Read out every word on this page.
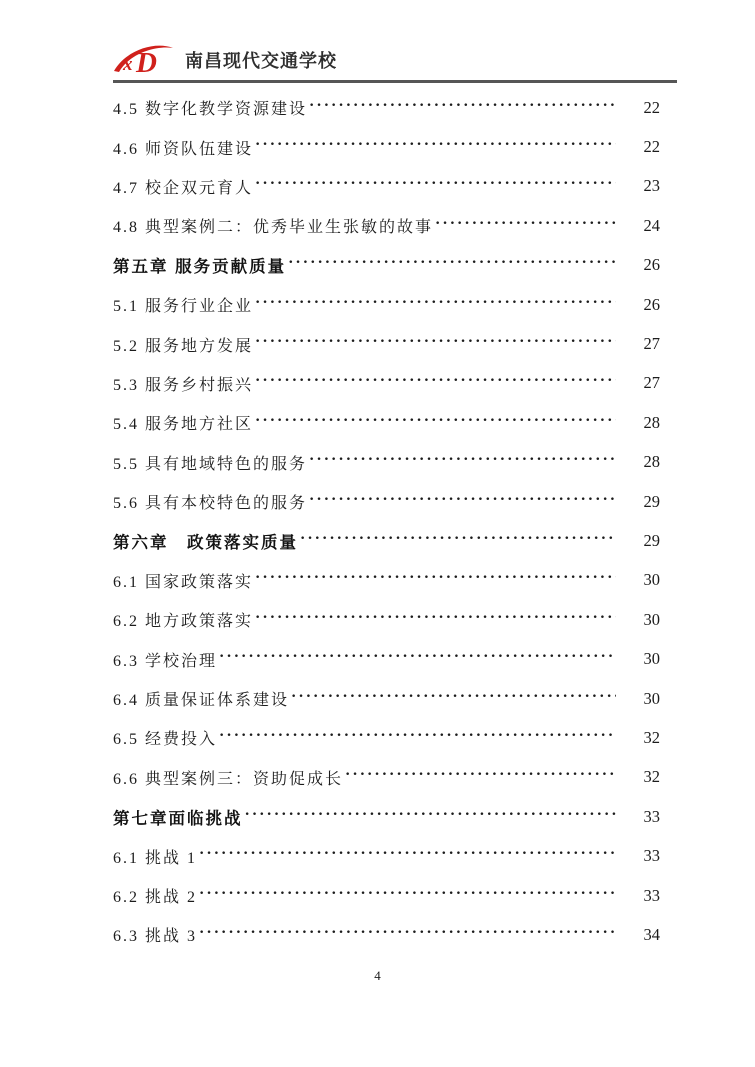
x D 南昌现代交通学校
4.5 数字化教学资源建设 ·····	22
4.6 师资队伍建设 ·····	22
4.7 校企双元育人 ·····	23
4.8 典型案例二：优秀毕业生张敏的故事 ·····	24
第五章 服务贡献质量 ·····	26
5.1 服务行业企业 ·····	26
5.2 服务地方发展 ·····	27
5.3 服务乡村振兴 ·····	27
5.4 服务地方社区 ·····	28
5.5 具有地域特色的服务 ·····	28
5.6 具有本校特色的服务 ·····	29
第六章　政策落实质量 ·····	29
6.1 国家政策落实 ·····	30
6.2 地方政策落实 ·····	30
6.3 学校治理 ·····	30
6.4 质量保证体系建设 ·····	30
6.5 经费投入 ·····	32
6.6 典型案例三：资助促成长 ·····	32
第七章面临挑战 ·····	33
6.1 挑战 1 ·····	33
6.2 挑战 2 ·····	33
6.3 挑战 3 ·····	34
4
